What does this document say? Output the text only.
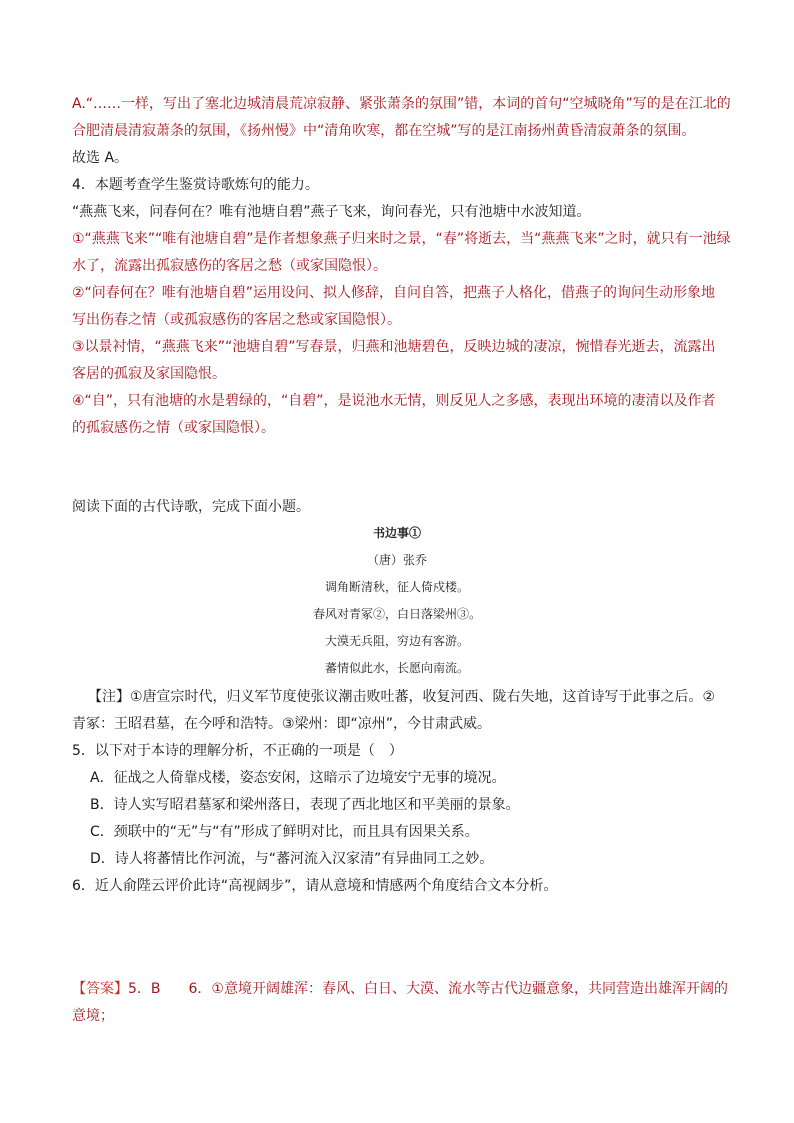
A.“……一样，写出了塞北边城清晨荒凉寂静、紧张萧条的氛围”错，本词的首句“空城晓角”写的是在江北的
合肥清晨清寂萧条的氛围，《扬州慢》中“清角吹寒，都在空城”写的是江南扬州黄昏清寂萧条的氛围。
故选 A。
4．本题考查学生鉴赏诗歌炼句的能力。
“燕燕飞来，问春何在？唯有池塘自碧”燕子飞来，询问春光，只有池塘中水波知道。
①“燕燕飞来”“唯有池塘自碧”是作者想象燕子归来时之景，“春”将逝去，当“燕燕飞来”之时，就只有一池绿
水了，流露出孤寂感伤的客居之愁（或家国隐恨）。
②“问春何在？唯有池塘自碧”运用设问、拟人修辞，自问自答，把燕子人格化，借燕子的询问生动形象地
写出伤春之情（或孤寂感伤的客居之愁或家国隐恨）。
③以景衬情，“燕燕飞来”“池塘自碧”写春景，归燕和池塘碧色，反映边城的凄凉，惋惜春光逝去，流露出
客居的孤寂及家国隐恨。
④“自”，只有池塘的水是碧绿的，“自碧”，是说池水无情，则反见人之多感，表现出环境的凄清以及作者
的孤寂感伤之情（或家国隐恨）。
阅读下面的古代诗歌，完成下面小题。
书边事①
（唐）张乔
调角断清秋，征人倚戍楼。
春风对青冢②，白日落梁州③。
大漠无兵阻，穷边有客游。
蕃情似此水，长愿向南流。
【注】①唐宣宗时代，归义军节度使张议潮击败吐蕃，收复河西、陇右失地，这首诗写于此事之后。②
青冢：王昭君墓，在今呼和浩特。③梁州：即“凉州”，今甘肃武威。
5．以下对于本诗的理解分析，不正确的一项是（　）
A．征战之人倚靠戍楼，姿态安闲，这暗示了边境安宁无事的境况。
B．诗人实写昭君墓冢和梁州落日，表现了西北地区和平美丽的景象。
C．颈联中的“无”与“有”形成了鲜明对比，而且具有因果关系。
D．诗人将蕃情比作河流，与“蕃河流入汉家清”有异曲同工之妙。
6．近人俞陛云评价此诗“高视阔步”，请从意境和情感两个角度结合文本分析。
【答案】5．B　　6．①意境开阔雄浑：春风、白日、大漠、流水等古代边疆意象，共同营造出雄浑开阔的
意境；
